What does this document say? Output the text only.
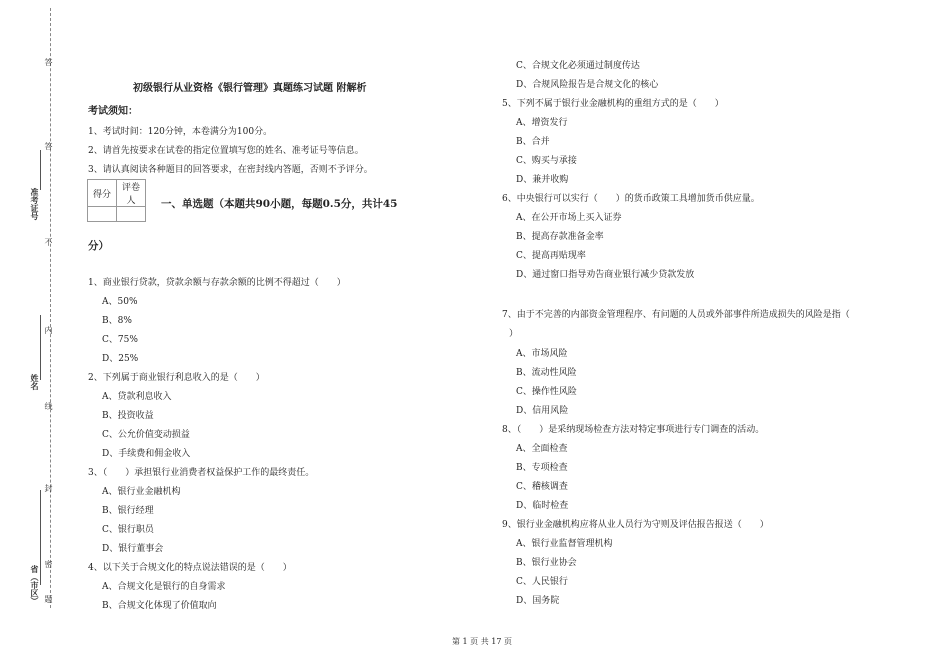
答
答
准考证号
不
内
姓名
线
封
省（市区）
密
题
初级银行从业资格《银行管理》真题练习试题 附解析
考试须知：
1、考试时间：120分钟，本卷满分为100分。
2、请首先按要求在试卷的指定位置填写您的姓名、准考证号等信息。
3、请认真阅读各种题目的回答要求，在密封线内答题，否则不予评分。
得分	评卷人
	一、单选题（本题共90小题，每题0.5分，共计45
分）
1、商业银行贷款，贷款余额与存款余额的比例不得超过（　　）
A、50%
B、8%
C、75%
D、25%
2、下列属于商业银行利息收入的是（　　）
A、贷款利息收入
B、投资收益
C、公允价值变动损益
D、手续费和佣金收入
3、（　　）承担银行业消费者权益保护工作的最终责任。
A、银行业金融机构
B、银行经理
C、银行职员
D、银行董事会
4、以下关于合规文化的特点说法错误的是（　　）
A、合规文化是银行的自身需求
B、合规文化体现了价值取向
C、合规文化必须通过制度传达
D、合规风险报告是合规文化的核心
5、下列不属于银行业金融机构的重组方式的是（　　）
A、增资发行
B、合并
C、购买与承接
D、兼并收购
6、中央银行可以实行（　　）的货币政策工具增加货币供应量。
A、在公开市场上买入证券
B、提高存款准备金率
C、提高再贴现率
D、通过窗口指导劝告商业银行减少贷款发放
7、由于不完善的内部资金管理程序、有问题的人员或外部事件所造成损失的风险是指（
）
A、市场风险
B、流动性风险
C、操作性风险
D、信用风险
8、（　　）是采纳现场检查方法对特定事项进行专门调查的活动。
A、全面检查
B、专项检查
C、稽核调查
D、临时检查
9、银行业金融机构应将从业人员行为守则及评估报告报送（　　）
A、银行业监督管理机构
B、银行业协会
C、人民银行
D、国务院
第 1 页 共 17 页
